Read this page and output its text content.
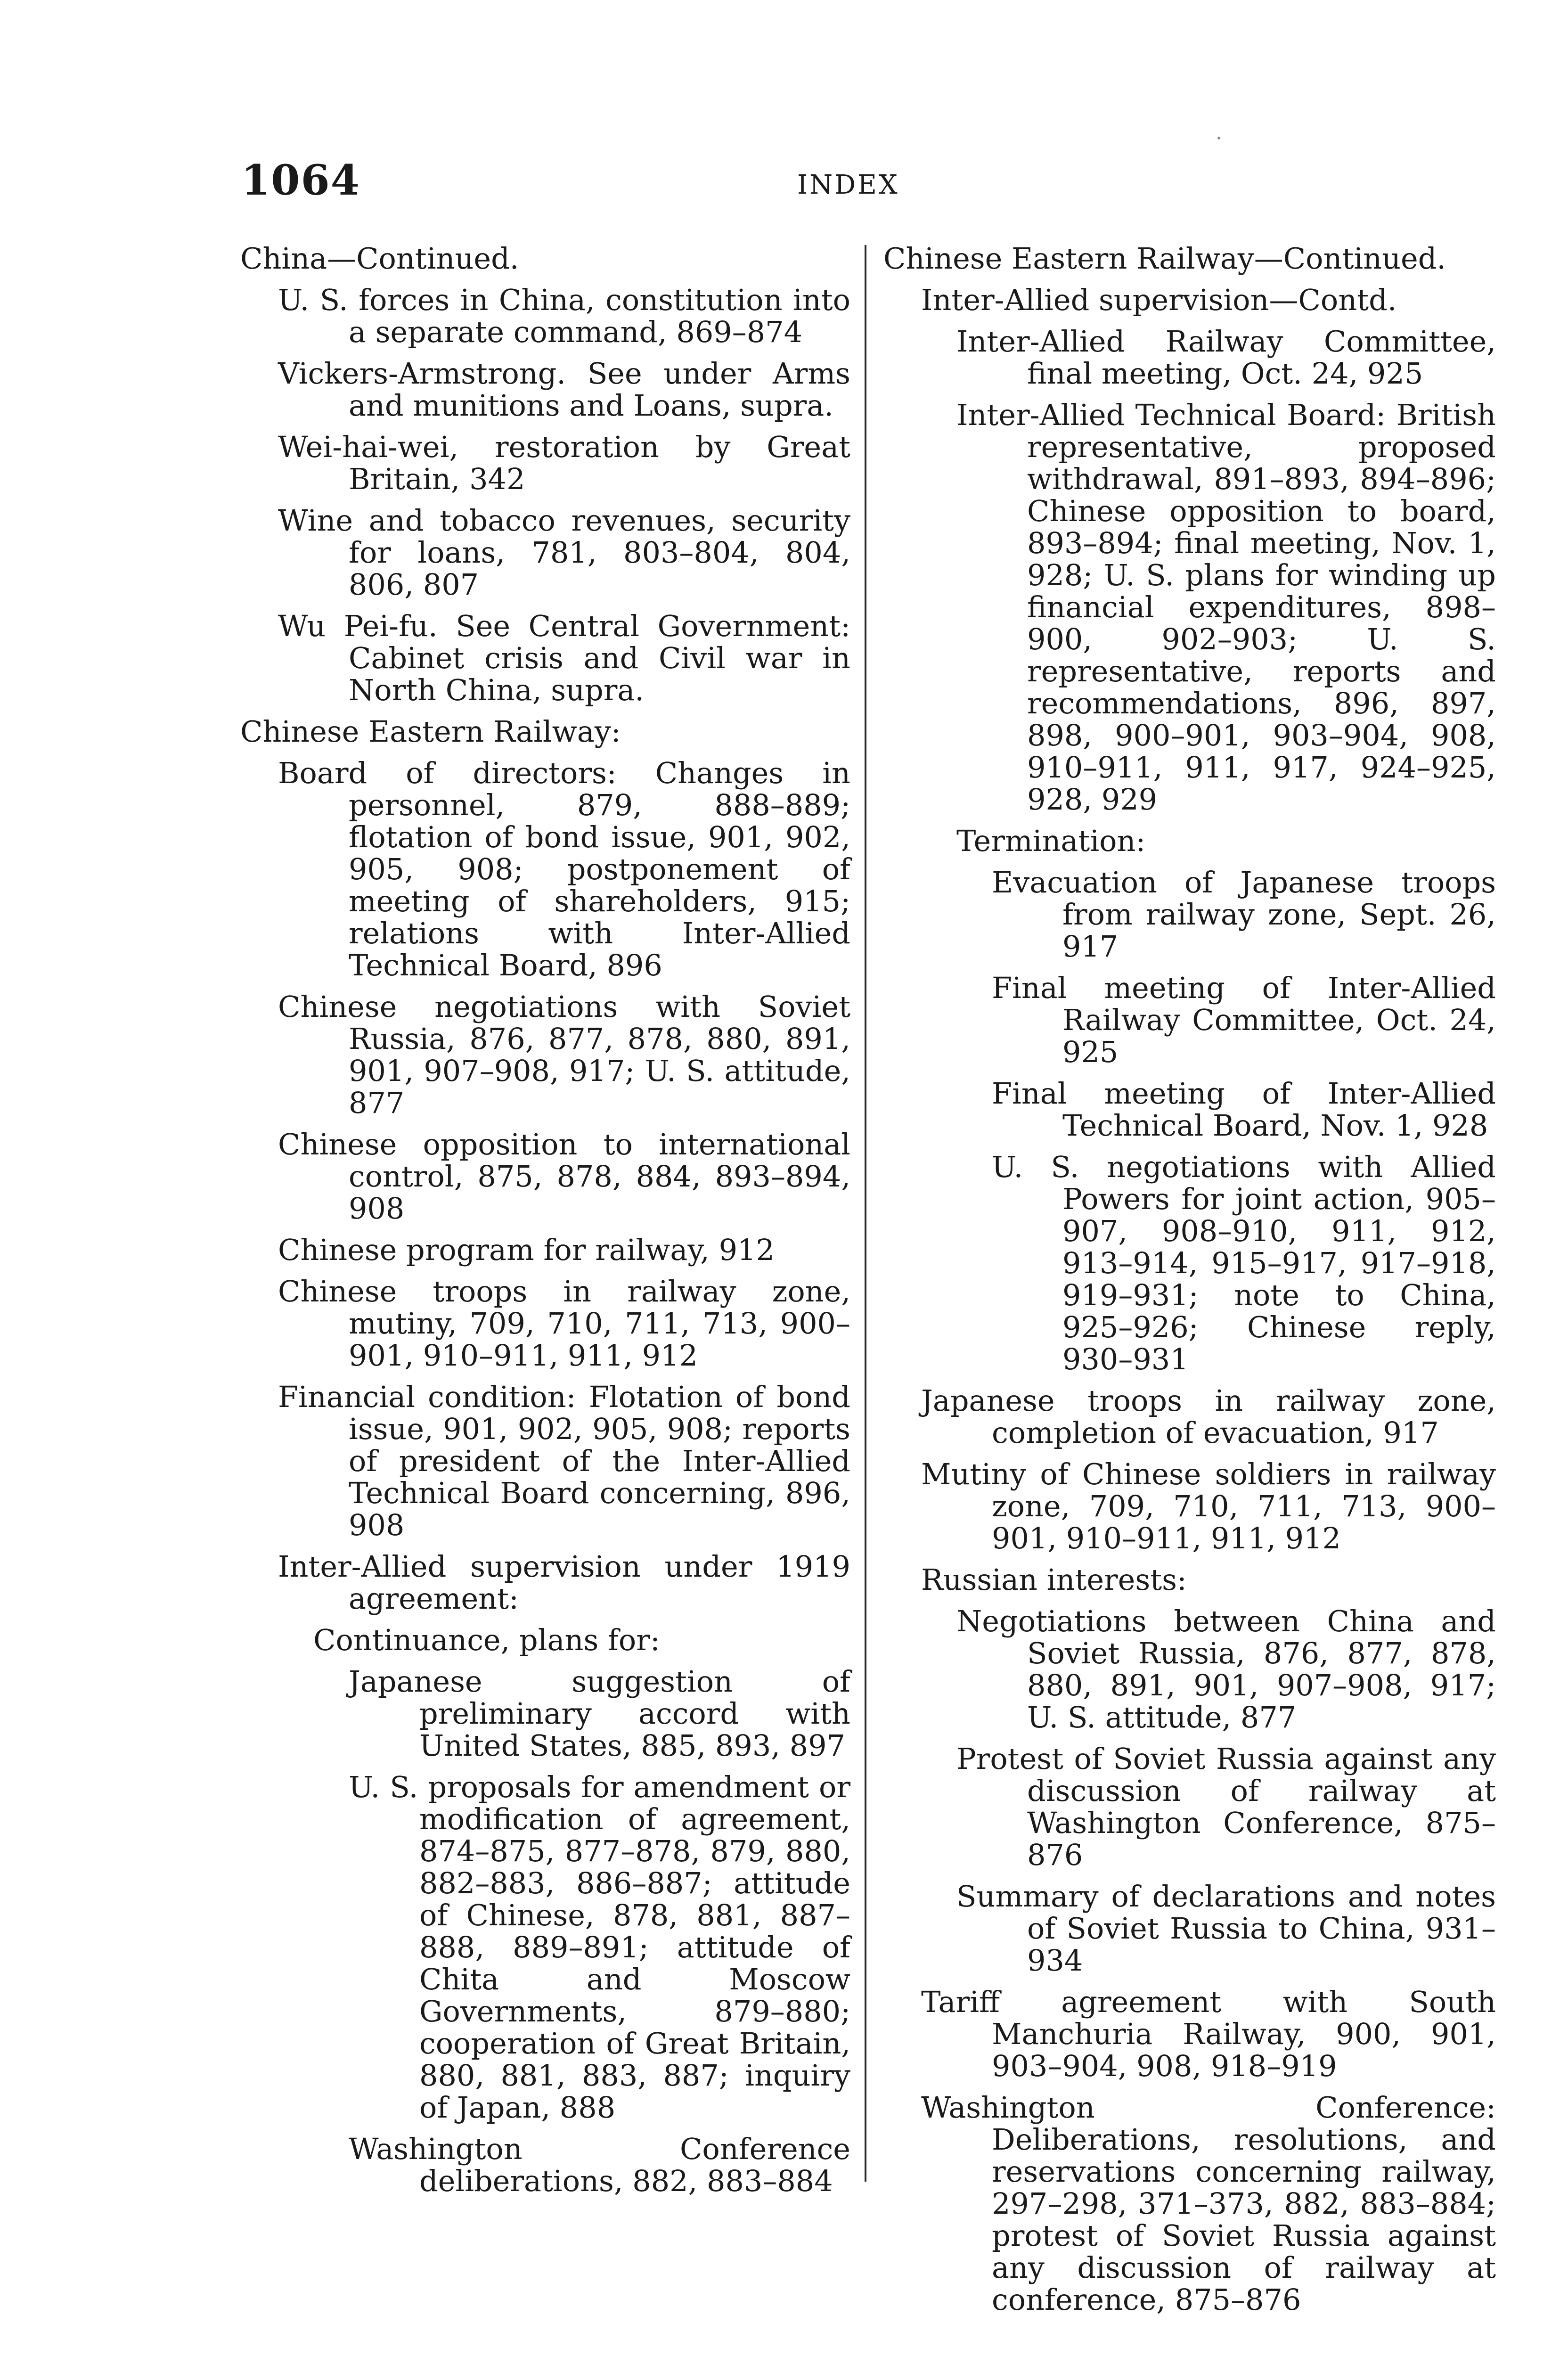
1064	INDEX
China—Continued.
U. S. forces in China, constitution into a separate command, 869–874
Vickers-Armstrong. See under Arms and munitions and Loans, supra.
Wei-hai-wei, restoration by Great Britain, 342
Wine and tobacco revenues, security for loans, 781, 803–804, 804, 806, 807
Wu Pei-fu. See Central Government: Cabinet crisis and Civil war in North China, supra.
Chinese Eastern Railway:
Board of directors: Changes in personnel, 879, 888–889; flotation of bond issue, 901, 902, 905, 908; postponement of meeting of shareholders, 915; relations with Inter-Allied Technical Board, 896
Chinese negotiations with Soviet Russia, 876, 877, 878, 880, 891, 901, 907–908, 917; U. S. attitude, 877
Chinese opposition to international control, 875, 878, 884, 893–894, 908
Chinese program for railway, 912
Chinese troops in railway zone, mutiny, 709, 710, 711, 713, 900–901, 910–911, 911, 912
Financial condition: Flotation of bond issue, 901, 902, 905, 908; reports of president of the Inter-Allied Technical Board concerning, 896, 908
Inter-Allied supervision under 1919 agreement:
Continuance, plans for:
Japanese suggestion of preliminary accord with United States, 885, 893, 897
U. S. proposals for amendment or modification of agreement, 874–875, 877–878, 879, 880, 882–883, 886–887; attitude of Chinese, 878, 881, 887–888, 889–891; attitude of Chita and Moscow Governments, 879–880; cooperation of Great Britain, 880, 881, 883, 887; inquiry of Japan, 888
Washington Conference deliberations, 882, 883–884
Chinese Eastern Railway—Continued.
Inter-Allied supervision—Contd.
Inter-Allied Railway Committee, final meeting, Oct. 24, 925
Inter-Allied Technical Board: British representative, proposed withdrawal, 891–893, 894–896; Chinese opposition to board, 893–894; final meeting, Nov. 1, 928; U. S. plans for winding up financial expenditures, 898–900, 902–903; U. S. representative, reports and recommendations, 896, 897, 898, 900–901, 903–904, 908, 910–911, 911, 917, 924–925, 928, 929
Termination:
Evacuation of Japanese troops from railway zone, Sept. 26, 917
Final meeting of Inter-Allied Railway Committee, Oct. 24, 925
Final meeting of Inter-Allied Technical Board, Nov. 1, 928
U. S. negotiations with Allied Powers for joint action, 905–907, 908–910, 911, 912, 913–914, 915–917, 917–918, 919–931; note to China, 925–926; Chinese reply, 930–931
Japanese troops in railway zone, completion of evacuation, 917
Mutiny of Chinese soldiers in railway zone, 709, 710, 711, 713, 900–901, 910–911, 911, 912
Russian interests:
Negotiations between China and Soviet Russia, 876, 877, 878, 880, 891, 901, 907–908, 917; U. S. attitude, 877
Protest of Soviet Russia against any discussion of railway at Washington Conference, 875–876
Summary of declarations and notes of Soviet Russia to China, 931–934
Tariff agreement with South Manchuria Railway, 900, 901, 903–904, 908, 918–919
Washington Conference: Deliberations, resolutions, and reservations concerning railway, 297–298, 371–373, 882, 883–884; protest of Soviet Russia against any discussion of railway at conference, 875–876
